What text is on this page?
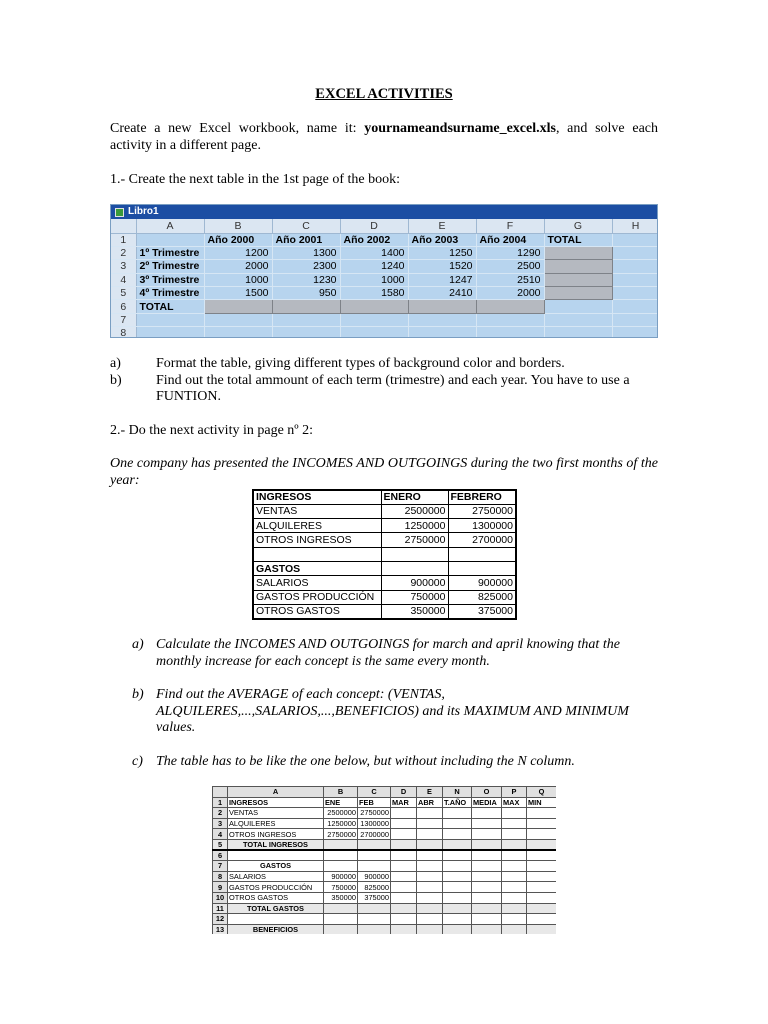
EXCEL ACTIVITIES
Create a new Excel workbook, name it: yournameandsurname_excel.xls, and solve each activity in a different page.
1.- Create the next table in the 1st page of the book:
Libro1
	A	B	C	D	E	F	G	H
1		Año 2000	Año 2001	Año 2002	Año 2003	Año 2004	TOTAL	
2	1º Trimestre	1200	1300	1400	1250	1290		
3	2º Trimestre	2000	2300	1240	1520	2500		
4	3º Trimestre	1000	1230	1000	1247	2510		
5	4º Trimestre	1500	950	1580	2410	2000		
6	TOTAL							
7								
8								
a)	Format the table, giving different types of background color and borders.
b) Find out the total ammount of each term (trimestre) and each year. You have to use a FUNTION.
2.- Do the next activity in page nº 2:
One company has presented the INCOMES AND OUTGOINGS during the two first months of the year:
INGRESOS	ENERO	FEBRERO
VENTAS	2500000	2750000
ALQUILERES	1250000	1300000
OTROS INGRESOS	2750000	2700000

GASTOS		
SALARIOS	900000	900000
GASTOS PRODUCCIÓN	750000	825000
OTROS GASTOS	350000	375000
a) Calculate the INCOMES AND OUTGOINGS for march and april knowing that the monthly increase for each concept is the same every month.
b) Find out the AVERAGE of each concept: (VENTAS, ALQUILERES,...,SALARIOS,...,BENEFICIOS) and its MAXIMUM AND MINIMUM values.
c) The table has to be like the one below, but without including the N column.
	A	B	C	D	E	N	O	P	Q
1	INGRESOS	ENE	FEB	MAR	ABR	T.AÑO	MEDIA	MAX	MIN
2	VENTAS	2500000	2750000						
3	ALQUILERES	1250000	1300000						
4	OTROS INGRESOS	2750000	2700000						
5	TOTAL INGRESOS								
6									
7	GASTOS								
8	SALARIOS	900000	900000						
9	GASTOS PRODUCCIÓN	750000	825000						
10	OTROS GASTOS	350000	375000						
11	TOTAL GASTOS								
12									
13	BENEFICIOS								
